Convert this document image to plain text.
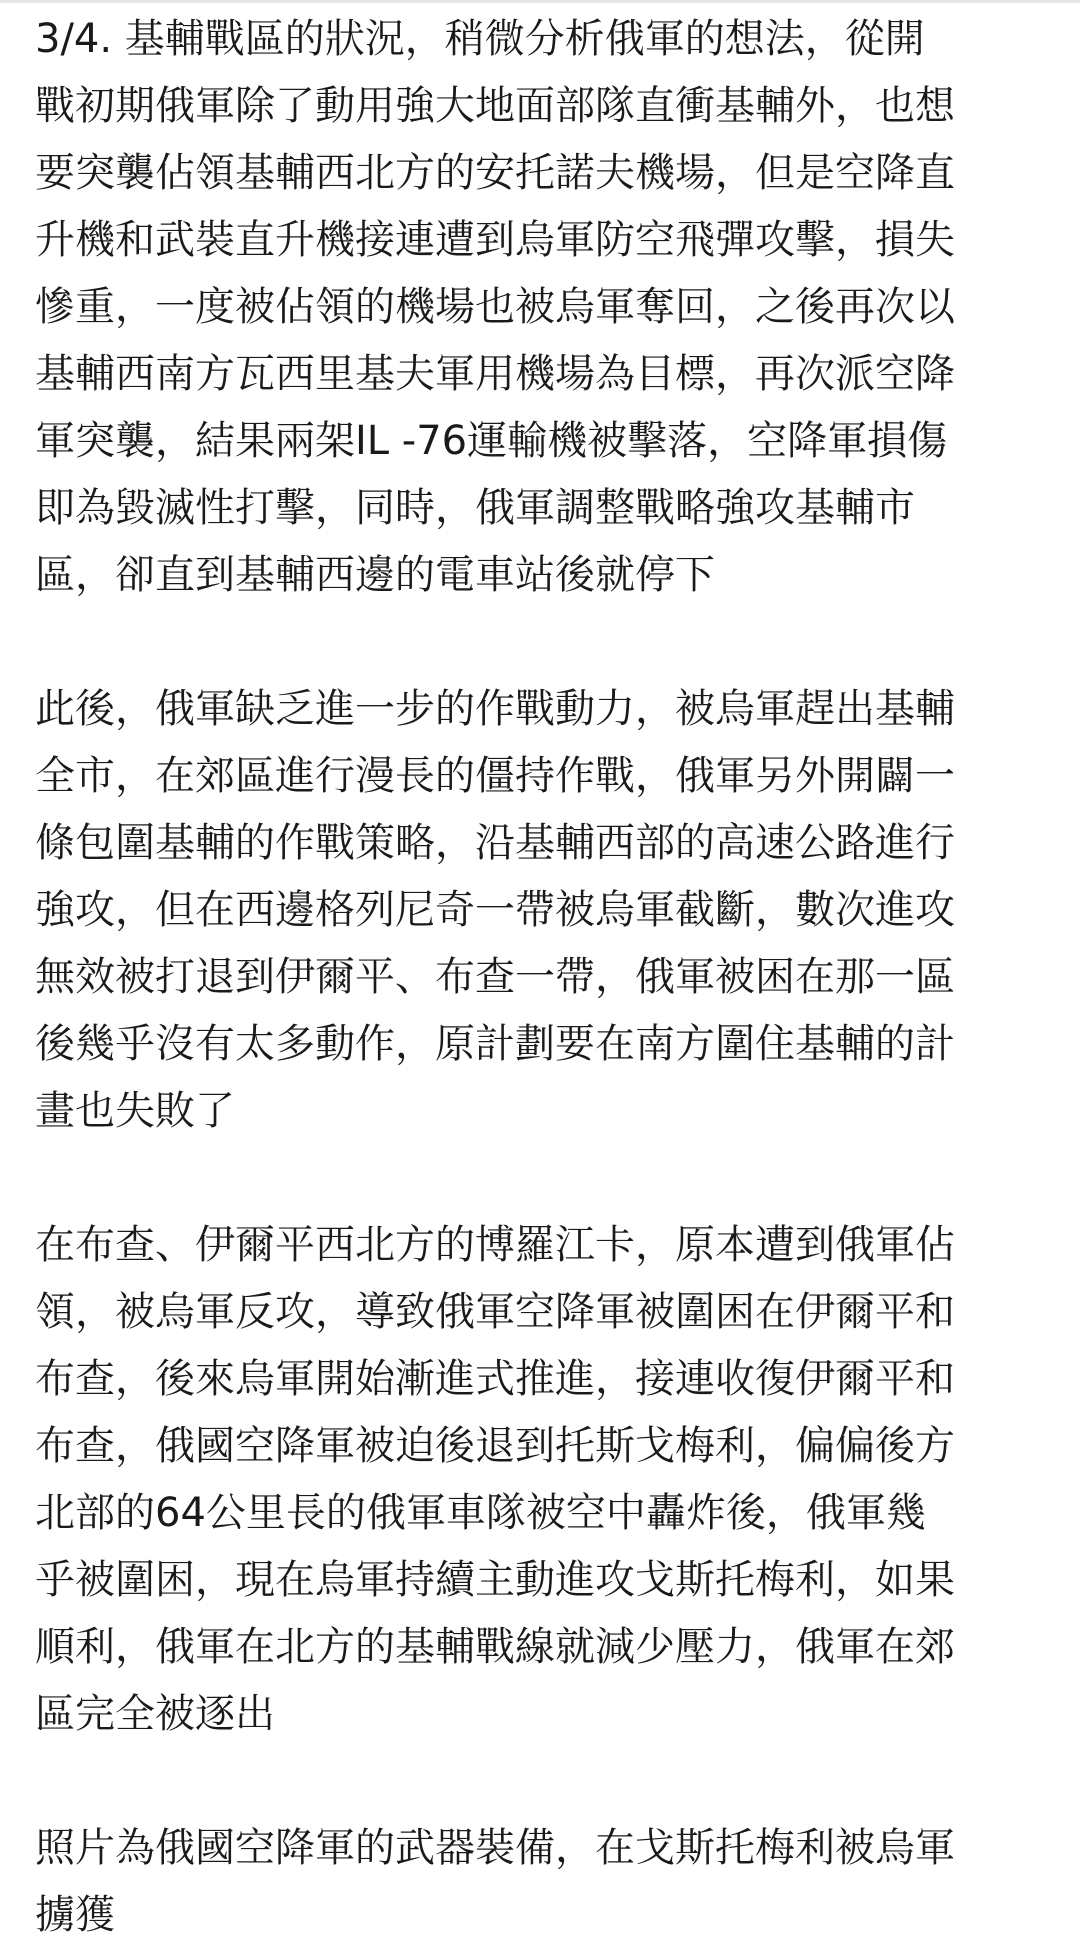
3/4. 基輔戰區的狀況，稍微分析俄軍的想法，從開
戰初期俄軍除了動用強大地面部隊直衝基輔外，也想
要突襲佔領基輔西北方的安托諾夫機場，但是空降直
升機和武裝直升機接連遭到烏軍防空飛彈攻擊，損失
慘重，一度被佔領的機場也被烏軍奪回，之後再次以
基輔西南方瓦西里基夫軍用機場為目標，再次派空降
軍突襲，結果兩架IL -76運輸機被擊落，空降軍損傷
即為毀滅性打擊，同時，俄軍調整戰略強攻基輔市
區，卻直到基輔西邊的電車站後就停下

此後，俄軍缺乏進一步的作戰動力，被烏軍趕出基輔
全市，在郊區進行漫長的僵持作戰，俄軍另外開闢一
條包圍基輔的作戰策略，沿基輔西部的高速公路進行
強攻，但在西邊格列尼奇一帶被烏軍截斷，數次進攻
無效被打退到伊爾平、布查一帶，俄軍被困在那一區
後幾乎沒有太多動作，原計劃要在南方圍住基輔的計
畫也失敗了

在布查、伊爾平西北方的博羅江卡，原本遭到俄軍佔
領，被烏軍反攻，導致俄軍空降軍被圍困在伊爾平和
布查，後來烏軍開始漸進式推進，接連收復伊爾平和
布查，俄國空降軍被迫後退到托斯戈梅利，偏偏後方
北部的64公里長的俄軍車隊被空中轟炸後，俄軍幾
乎被圍困，現在烏軍持續主動進攻戈斯托梅利，如果
順利，俄軍在北方的基輔戰線就減少壓力，俄軍在郊
區完全被逐出

照片為俄國空降軍的武器裝備，在戈斯托梅利被烏軍
擄獲
